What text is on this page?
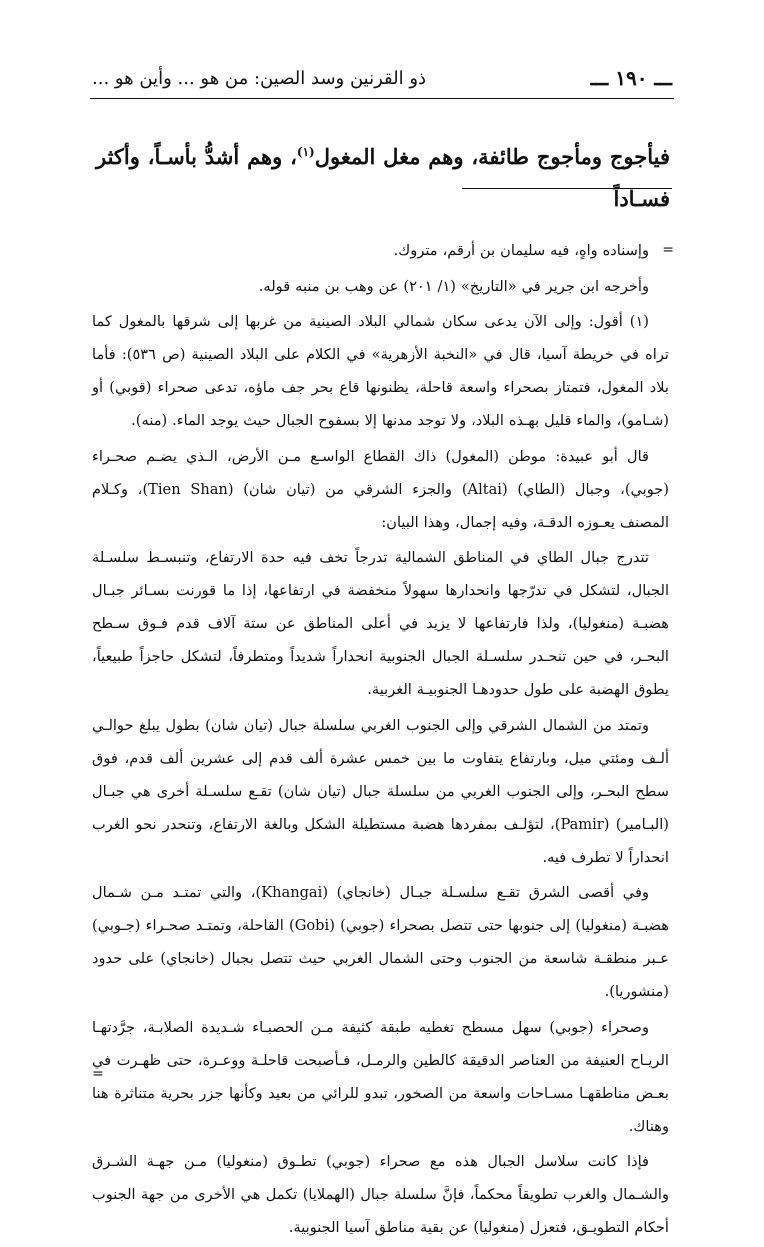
ـــ ١٩٠ ـــ
ذو القرنين وسد الصين: من هو ... وأين هو ...
فيأجوج ومأجوج طائفة، وهم مغل المغول$^{(١)}$، وهم أشدُّ بأسـاً، وأكثر فسـاداً

=
وإسناده واهٍ، فيه سليمان بن أرقم، متروك.

وأخرجه ابن جرير في «التاريخ» (١/ ٢٠١) عن وهب بن منبه قوله.

(١) أقول: وإلى الآن يدعى سكان شمالي البلاد الصينية من غربها إلى شرقها بالمغول كما تراه في خريطة آسيا، قال في «النخبة الأزهرية» في الكلام على البلاد الصينية (ص ٥٣٦): فأما بلاد المغول، فتمتاز بصحراء واسعة قاحلة، يظنونها قاع بحر جف ماؤه، تدعى صحراء (قوبي) أو (شـامو)، والماء قليل بهـذه البلاد، ولا توجد مدنها إلا بسفوح الجبال حيث يوجد الماء. (منه).

قال أبو عبيدة: موطن (المغول) ذاك القطاع الواسـع مـن الأرض، الـذي يضـم صحـراء (جوبي)، وجبال (الطاي) (Altai) والجزء الشرقي من (تيان شان) (Tien Shan)، وكـلام المصنف يعـوزه الدقـة، وفيه إجمال، وهذا البيان:

تتدرج جبال الطاي في المناطق الشمالية تدرجاً تخف فيه حدة الارتفاع، وتنبسـط سلسـلة الجبال، لتشكل في تدرّجها وانحدارها سهولاً منخفضة في ارتفاعها، إذا ما قورنت بسـائر جبـال هضبـة (منغوليا)، ولذا فارتفاعها لا يزيد في أعلى المناطق عن ستة آلاف قدم فـوق سـطح البحـر، في حين تنحـدر سلسـلة الجبال الجنوبية انحداراً شديداً ومتطرفاً، لتشكل حاجزاً طبيعياً، يطوق الهضبة على طول حدودهـا الجنوبيـة الغربية.

وتمتد من الشمال الشرقي وإلى الجنوب الغربي سلسلة جبال (تيان شان) بطول يبلغ حوالـي ألـف ومئتي ميل، وبارتفاع يتفاوت ما بين خمس عشرة ألف قدم إلى عشرين ألف قدم، فوق سطح البحـر، وإلى الجنوب الغربي من سلسلة جبال (تيان شان) تقـع سلسـلة أخرى هي جبـال (البـامير) (Pamir)، لتؤلـف بمفردها هضبة مستطيلة الشكل وبالغة الارتفاع، وتنحدر نحو الغرب انحداراً لا تطرف فيه.

وفي أقصى الشرق تقـع سلسـلة جبـال (خانجاي) (Khangai)، والتي تمتـد مـن شـمال هضبـة (منغوليا) إلى جنوبها حتى تتصل بصحراء (جوبي) (Gobi) القاحلة، وتمتـد صحـراء (جـوبي) عـبر منطقـة شاسعة من الجنوب وحتى الشمال الغربي حيث تتصل بجبال (خانجاي) على حدود (منشوريا).

وصحراء (جوبي) سهل مسطح تغطيه طبقة كثيفة مـن الحصبـاء شـديدة الصلابـة، جرَّدتهـا الريـاح العنيفة من العناصر الدقيقة كالطين والرمـل، فـأصبحت قاحلـة ووعـرة، حتى ظهـرت في بعـض مناطقهـا مسـاحات واسعة من الصخور، تبدو للرائي من بعيد وكأنها جزر بحرية متناثرة هنا وهناك.

فإذا كانت سلاسل الجبال هذه مع صحراء (جوبي) تطـوق (منغوليا) مـن جهـة الشـرق والشـمال والغرب تطويقاً محكماً، فإنَّ سلسلة جبال (الهملايا) تكمل هي الأخرى من جهة الجنوب أحكام التطويـق، فتعزل (منغوليا) عن بقية مناطق آسيا الجنوبية.

=
